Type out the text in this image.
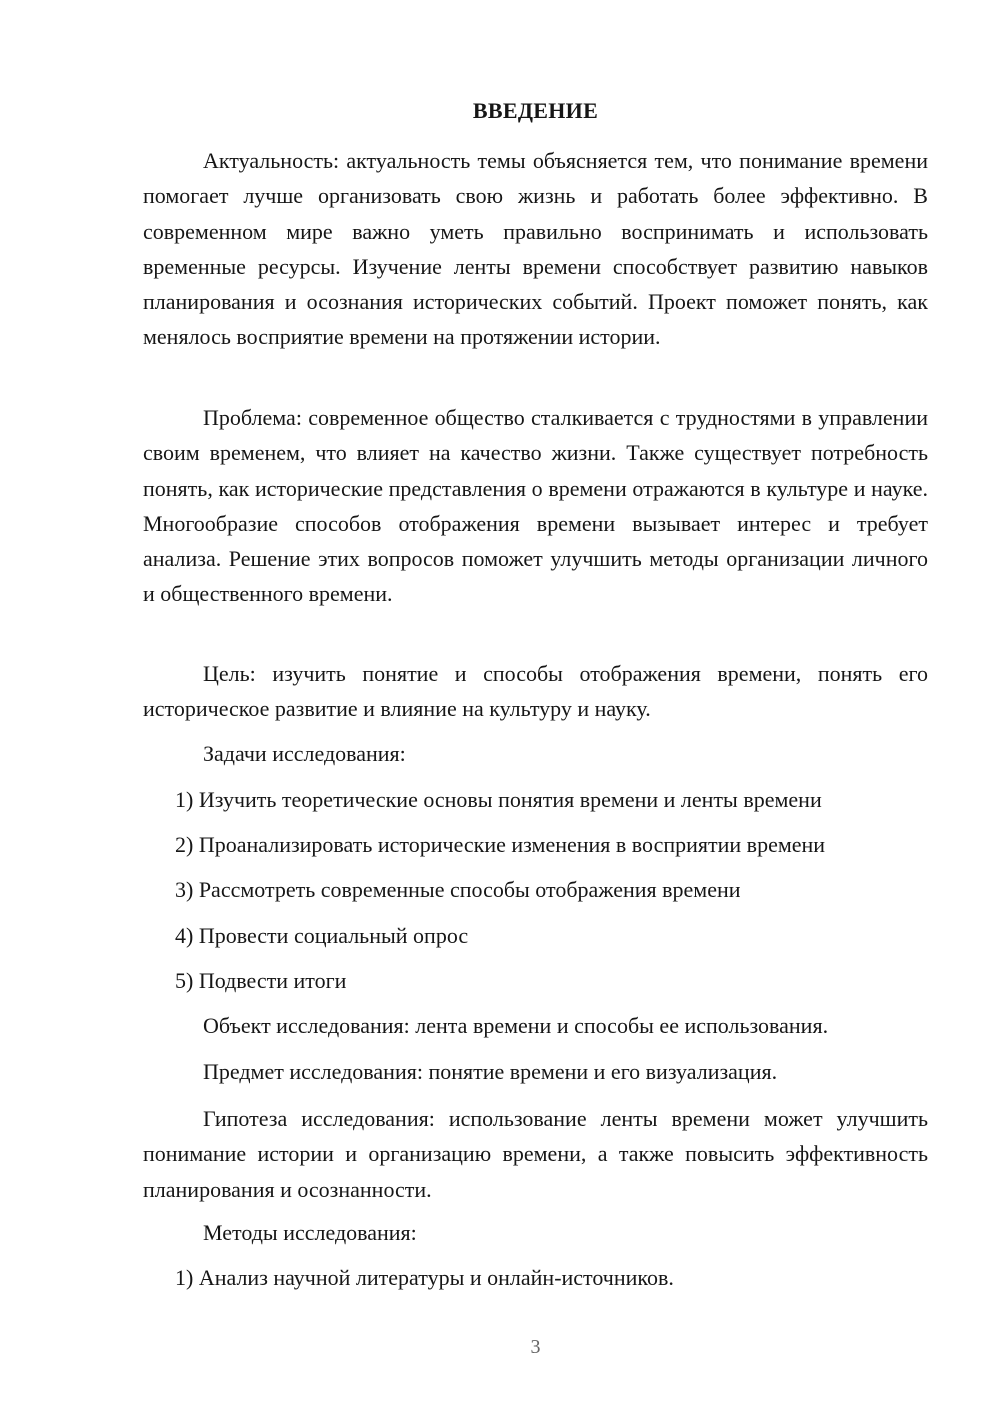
ВВЕДЕНИЕ

Актуальность: актуальность темы объясняется тем, что понимание времени помогает лучше организовать свою жизнь и работать более эффективно. В современном мире важно уметь правильно воспринимать и использовать временные ресурсы. Изучение ленты времени способствует развитию навыков планирования и осознания исторических событий. Проект поможет понять, как менялось восприятие времени на протяжении истории.

Проблема: современное общество сталкивается с трудностями в управлении своим временем, что влияет на качество жизни. Также существует потребность понять, как исторические представления о времени отражаются в культуре и науке. Многообразие способов отображения времени вызывает интерес и требует анализа. Решение этих вопросов поможет улучшить методы организации личного и общественного времени.

Цель: изучить понятие и способы отображения времени, понять его историческое развитие и влияние на культуру и науку.

Задачи исследования:
1) Изучить теоретические основы понятия времени и ленты времени
2) Проанализировать исторические изменения в восприятии времени
3) Рассмотреть современные способы отображения времени
4) Провести социальный опрос
5) Подвести итоги
Объект исследования: лента времени и способы ее использования.
Предмет исследования: понятие времени и его визуализация.

Гипотеза исследования: использование ленты времени может улучшить понимание истории и организацию времени, а также повысить эффективность планирования и осознанности.

Методы исследования:
1) Анализ научной литературы и онлайн-источников.
3
